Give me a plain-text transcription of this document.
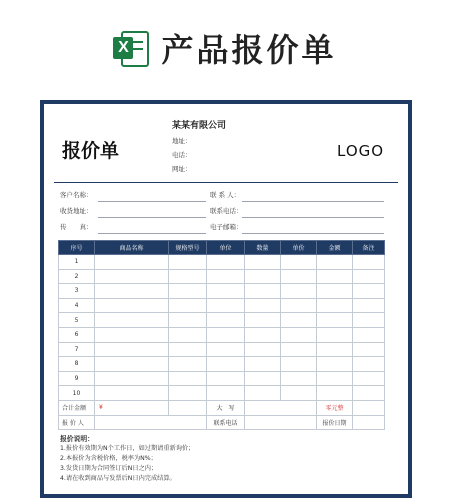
X 产品报价单
某某有限公司
地址：
电话：
网址：
报价单	LOGO
客户名称：	联 系 人：
收货地址：	联系电话：
传　　真：	电子邮箱：
序号	商品名称	规格型号	单位	数量	单价	金额	备注
1							
2							
3							
4							
5							
6							
7							
8							
9							
10							
合计金额	¥		大　写			零元整	
报 价 人			联系电话			报价日期	
报价说明：
1.报价有效期为N个工作日，如过期请重新询价；
2.本报价为含税价格，税率为N%；
3.发货日期为合同签订后N日之内；
4.请在收到商品与发票后N日内完成结算。
